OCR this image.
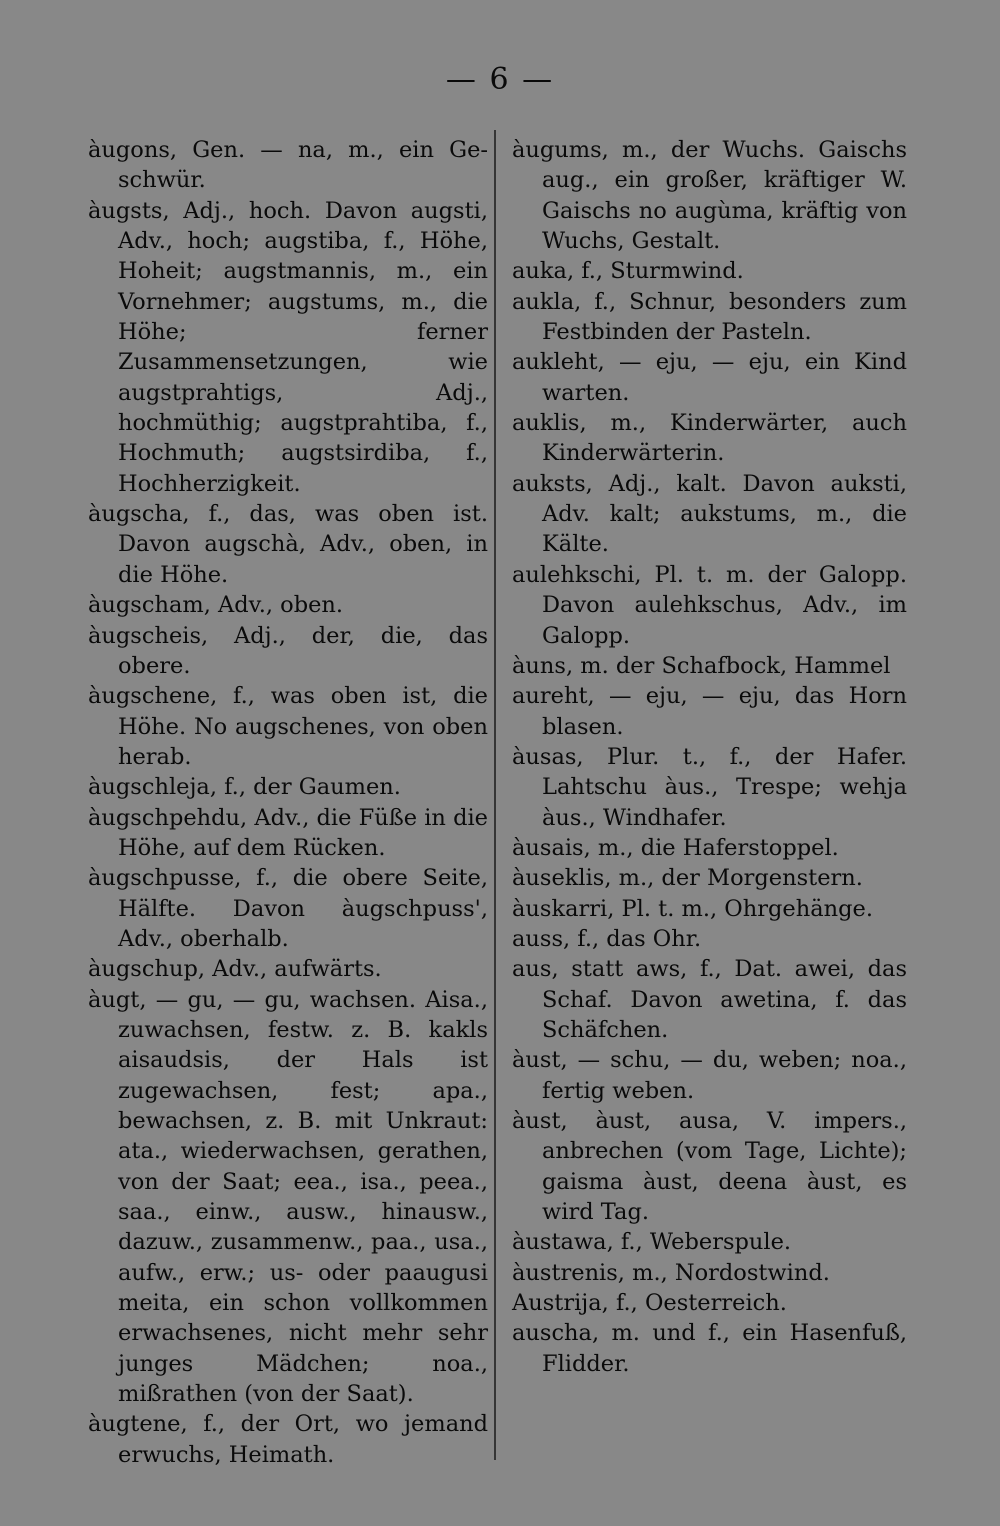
— 6 —

àugons, Gen. — na, m., ein Ge- schwür.

àugsts, Adj., hoch. Davon augsti, Adv., hoch; augstiba, f., Höhe, Hoheit; augstmannis, m., ein Vornehmer; augstums, m., die Höhe; ferner Zusammensetzungen, wie augstprahtigs, Adj., hochmüthig; augstprahtiba, f., Hochmuth; augstsirdiba, f., Hochherzigkeit.

àugscha, f., das, was oben ist. Davon augschà, Adv., oben, in die Höhe.

àugscham, Adv., oben.

àugscheis, Adj., der, die, das obere.

àugschene, f., was oben ist, die Höhe. No augschenes, von oben herab.

àugschleja, f., der Gaumen.

àugschpehdu, Adv., die Füße in die Höhe, auf dem Rücken.

àugschpusse, f., die obere Seite, Hälfte. Davon àugschpuss', Adv., oberhalb.

àugschup, Adv., aufwärts.

àugt, — gu, — gu, wachsen. Aisa., zuwachsen, festw. z. B. kakls aisaudsis, der Hals ist zugewachsen, fest; apa., bewachsen, z. B. mit Unkraut: ata., wiederwachsen, gerathen, von der Saat; eea., isa., peea., saa., einw., ausw., hinausw., dazuw., zusammenw., paa., usa., aufw., erw.; us- oder paaugusi meita, ein schon vollkommen erwachsenes, nicht mehr sehr junges Mädchen; noa., mißrathen (von der Saat).

àugtene, f., der Ort, wo jemand erwuchs, Heimath.

àugums, m., der Wuchs. Gaischs aug., ein großer, kräftiger W. Gaischs no augùma, kräftig von Wuchs, Gestalt.

auka, f., Sturmwind.

aukla, f., Schnur, besonders zum Festbinden der Pasteln.

aukleht, — eju, — eju, ein Kind warten.

auklis, m., Kinderwärter, auch Kinderwärterin.

auksts, Adj., kalt. Davon auksti, Adv. kalt; aukstums, m., die Kälte.

aulehkschi, Pl. t. m. der Galopp. Davon aulehkschus, Adv., im Galopp.

àuns, m. der Schafbock, Hammel

aureht, — eju, — eju, das Horn blasen.

àusas, Plur. t., f., der Hafer. Lahtschu àus., Trespe; wehja àus., Windhafer.

àusais, m., die Haferstoppel.

àuseklis, m., der Morgenstern.

àuskarri, Pl. t. m., Ohrgehänge.

auss, f., das Ohr.

aus, statt aws, f., Dat. awei, das Schaf. Davon awetina, f. das Schäfchen.

àust, — schu, — du, weben; noa., fertig weben.

àust, àust, ausa, V. impers., anbrechen (vom Tage, Lichte); gaisma àust, deena àust, es wird Tag.

àustawa, f., Weberspule.

àustrenis, m., Nordostwind.

Austrija, f., Oesterreich.

auscha, m. und f., ein Hasenfuß, Flidder.
